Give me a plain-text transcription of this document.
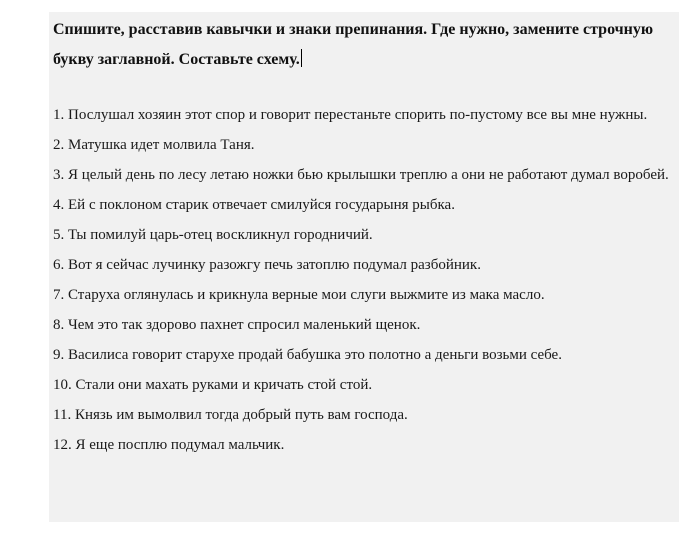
Спишите, расставив кавычки и знаки препинания. Где нужно, замените строчную букву заглавной. Составьте схему.

1. Послушал хозяин этот спор и говорит перестаньте спорить по-пустому все вы мне нужны.
2. Матушка идет молвила Таня.
3. Я целый день по лесу летаю ножки бью крылышки треплю а они не работают думал воробей.
4. Ей с поклоном старик отвечает смилуйся государыня рыбка.
5. Ты помилуй царь-отец воскликнул городничий.
6. Вот я сейчас лучинку разожгу печь затоплю подумал разбойник.
7. Старуха оглянулась и крикнула верные мои слуги выжмите из мака масло.
8. Чем это так здорово пахнет спросил маленький щенок.
9. Василиса говорит старухе продай бабушка это полотно а деньги возьми себе.
10. Стали они махать руками и кричать стой стой.
11. Князь им вымолвил тогда добрый путь вам господа.
12. Я еще посплю подумал мальчик.
